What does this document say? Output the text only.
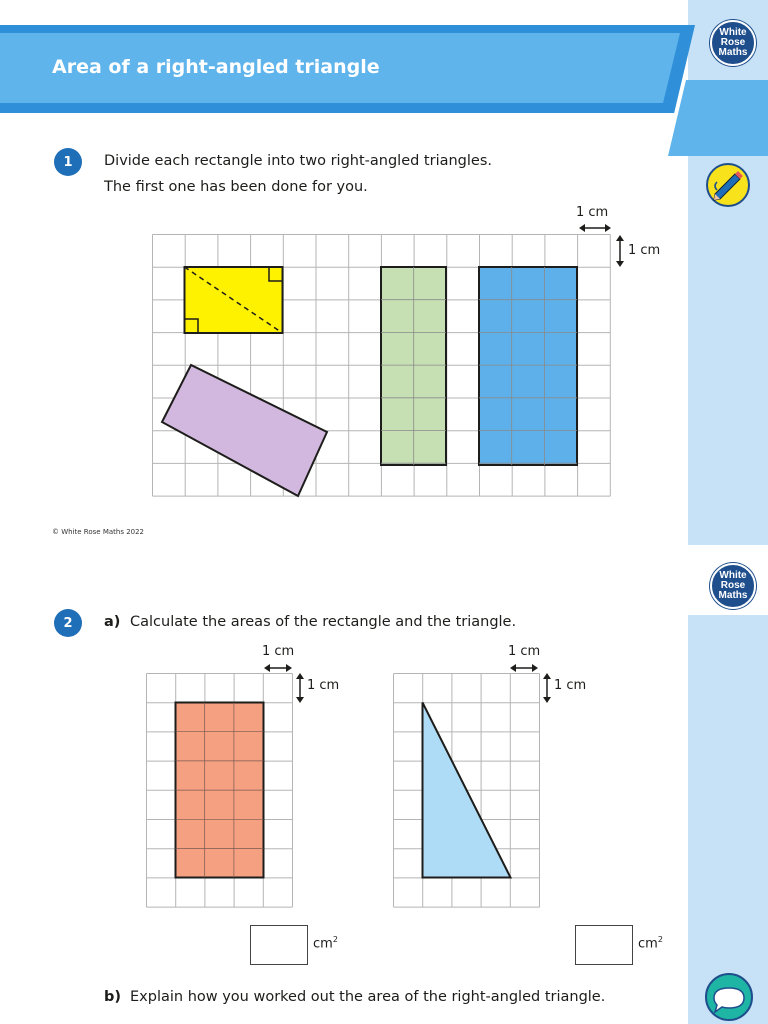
Area of a right-angled triangle
White
Rose
Maths
1	Divide each rectangle into two right-angled triangles.
The first one has been done for you.
1 cm
1 cm
© White Rose Maths 2022
White
Rose
Maths
2	a) Calculate the areas of the rectangle and the triangle.
1 cm
1 cm
1 cm
1 cm
$cm^2$	$cm^2$
b) Explain how you worked out the area of the right-angled triangle.
